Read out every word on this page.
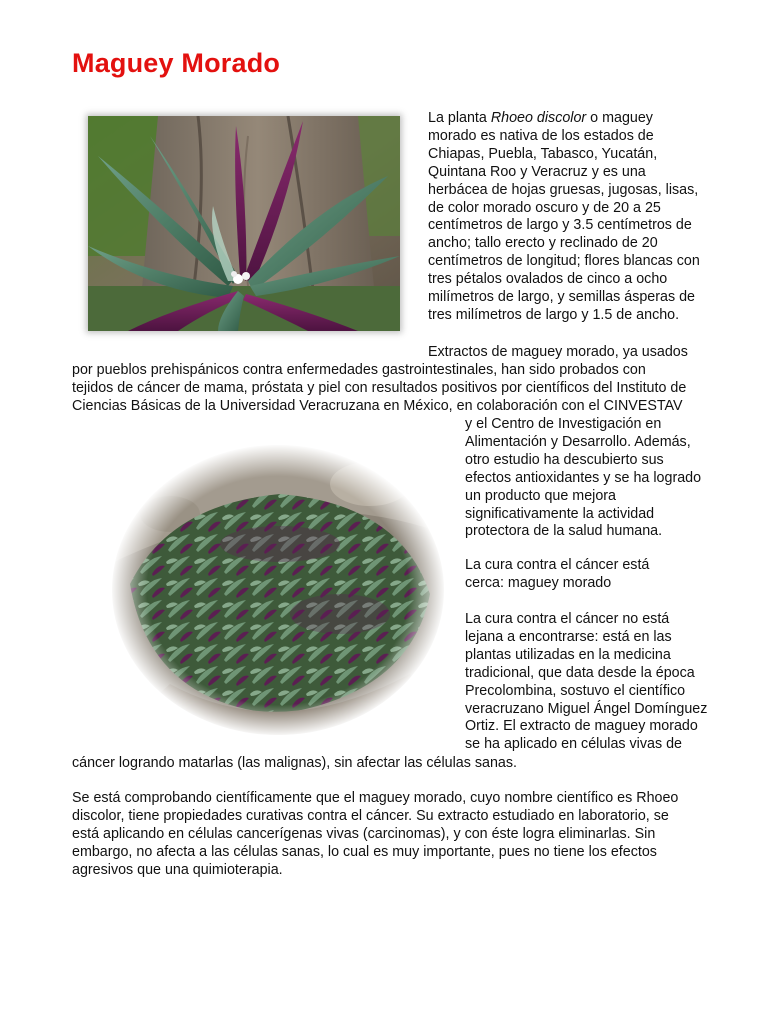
Maguey Morado

La planta Rhoeo discolor o maguey
morado es nativa de los estados de
Chiapas, Puebla, Tabasco, Yucatán,
Quintana Roo y Veracruz y es una
herbácea de hojas gruesas, jugosas, lisas,
de color morado oscuro y de 20 a 25
centímetros de largo y 3.5 centímetros de
ancho; tallo erecto y reclinado de 20
centímetros de longitud; flores blancas con
tres pétalos ovalados de cinco a ocho
milímetros de largo, y semillas ásperas de
tres milímetros de largo y 1.5 de ancho.

Extractos de maguey morado, ya usados

por pueblos prehispánicos contra enfermedades gastrointestinales, han sido probados con
tejidos de cáncer de mama, próstata y piel con resultados positivos por científicos del Instituto de
Ciencias Básicas de la Universidad Veracruzana en México, en colaboración con el CINVESTAV

y el Centro de Investigación en
Alimentación y Desarrollo. Además,
otro estudio ha descubierto sus
efectos antioxidantes y se ha logrado
un producto que mejora
significativamente la actividad
protectora de la salud humana.

La cura contra el cáncer está
cerca: maguey morado

La cura contra el cáncer no está
lejana a encontrarse: está en las
plantas utilizadas en la medicina
tradicional, que data desde la época
Precolombina, sostuvo el científico
veracruzano Miguel Ángel Domínguez
Ortiz. El extracto de maguey morado
se ha aplicado en células vivas de

cáncer logrando matarlas (las malignas), sin afectar las células sanas.

Se está comprobando científicamente que el maguey morado, cuyo nombre científico es Rhoeo
discolor, tiene propiedades curativas contra el cáncer. Su extracto estudiado en laboratorio, se
está aplicando en células cancerígenas vivas (carcinomas), y con éste logra eliminarlas. Sin
embargo, no afecta a las células sanas, lo cual es muy importante, pues no tiene los efectos
agresivos que una quimioterapia.
